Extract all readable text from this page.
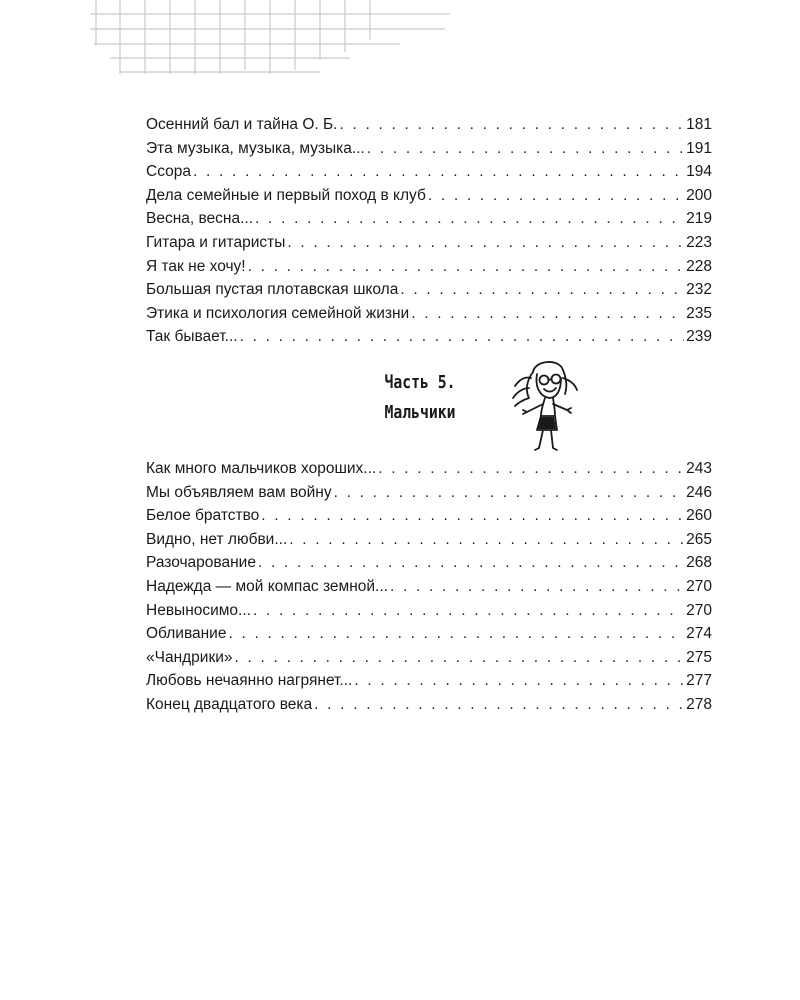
Осенний бал и тайна О. Б. . . .	181
Эта музыка, музыка, музыка... . . .	191
Ссора . . .	194
Дела семейные и первый поход в клуб . . .	200
Весна, весна... . . .	219
Гитара и гитаристы . . .	223
Я так не хочу! . . .	228
Большая пустая плотавская школа . . .	232
Этика и психология семейной жизни . . .	235
Так бывает... . . .	239
Часть 5.
Мальчики
Как много мальчиков хороших... . . .	243
Мы объявляем вам войну . . .	246
Белое братство . . .	260
Видно, нет любви... . . .	265
Разочарование . . .	268
Надежда — мой компас земной... . . .	270
Невыносимо... . . .	270
Обливание . . .	274
«Чандрики» . . .	275
Любовь нечаянно нагрянет... . . .	277
Конец двадцатого века . . .	278
